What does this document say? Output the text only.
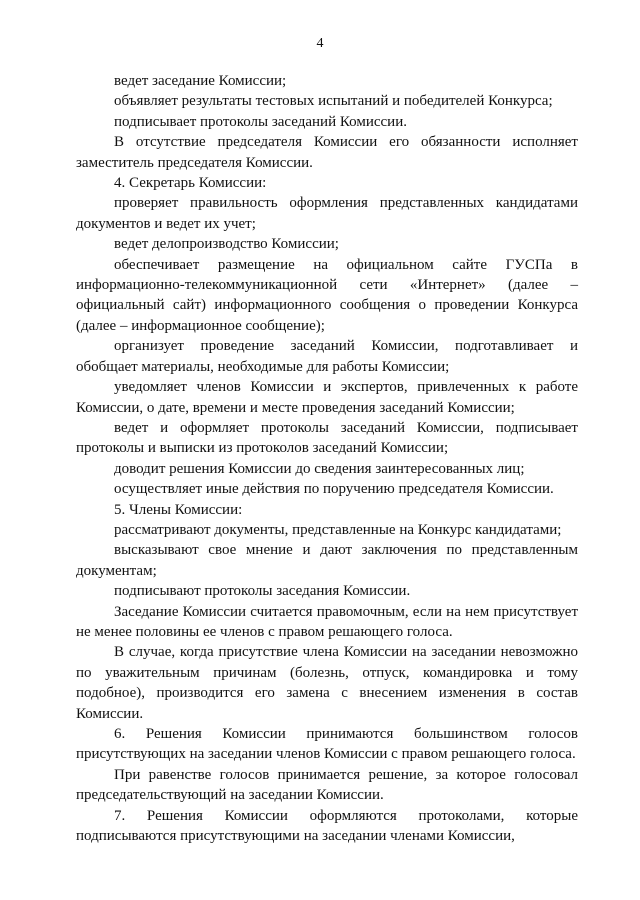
4

ведет заседание Комиссии;

объявляет результаты тестовых испытаний и победителей Конкурса;

подписывает протоколы заседаний Комиссии.

В отсутствие председателя Комиссии его обязанности исполняет заместитель председателя Комиссии.

4. Секретарь Комиссии:

проверяет правильность оформления представленных кандидатами документов и ведет их учет;

ведет делопроизводство Комиссии;

обеспечивает размещение на официальном сайте ГУСПа в информационно-телекоммуникационной сети «Интернет» (далее – официальный сайт) информационного сообщения о проведении Конкурса (далее – информационное сообщение);

организует проведение заседаний Комиссии, подготавливает и обобщает материалы, необходимые для работы Комиссии;

уведомляет членов Комиссии и экспертов, привлеченных к работе Комиссии, о дате, времени и месте проведения заседаний Комиссии;

ведет и оформляет протоколы заседаний Комиссии, подписывает протоколы и выписки из протоколов заседаний Комиссии;

доводит решения Комиссии до сведения заинтересованных лиц;

осуществляет иные действия по поручению председателя Комиссии.

5. Члены Комиссии:

рассматривают документы, представленные на Конкурс кандидатами;

высказывают свое мнение и дают заключения по представленным документам;

подписывают протоколы заседания Комиссии.

Заседание Комиссии считается правомочным, если на нем присутствует не менее половины ее членов с правом решающего голоса.

В случае, когда присутствие члена Комиссии на заседании невозможно по уважительным причинам (болезнь, отпуск, командировка и тому подобное), производится его замена с внесением изменения в состав Комиссии.

6. Решения Комиссии принимаются большинством голосов присутствующих на заседании членов Комиссии с правом решающего голоса.

При равенстве голосов принимается решение, за которое голосовал председательствующий на заседании Комиссии.

7. Решения Комиссии оформляются протоколами, которые подписываются присутствующими на заседании членами Комиссии,
